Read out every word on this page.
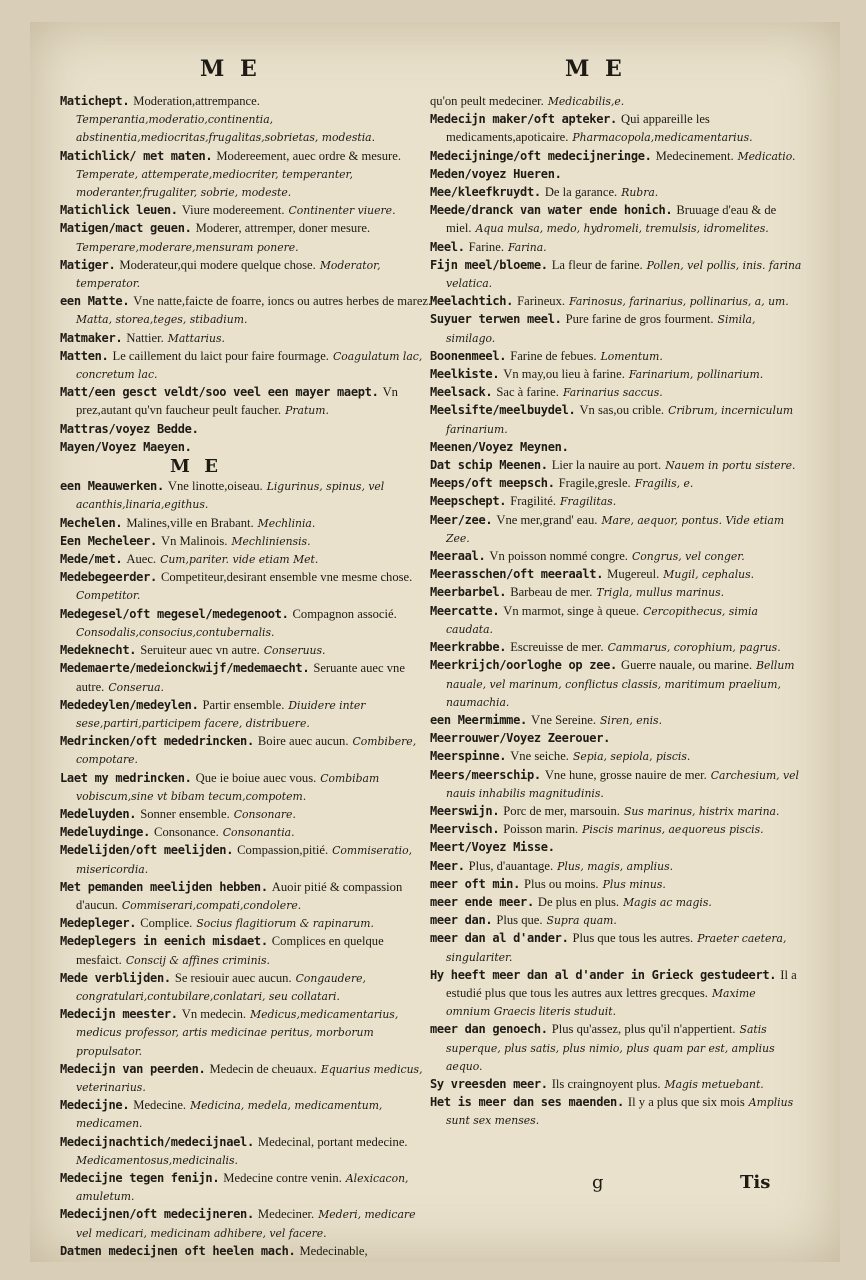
M E	M E

Matichept. Moderation,attrempance. Temperantia,moderatio,continentia, abstinentia,mediocritas,frugalitas,sobrietas, modestia.

Matichlick/ met maten. Modereement, auec ordre & mesure. Temperate, attemperate,mediocriter, temperanter, moderanter,frugaliter, sobrie, modeste.

Matichlick leuen. Viure modereement. Continenter viuere.

Matigen/mact geuen. Moderer, attremper, doner mesure. Temperare,moderare,mensuram ponere.

Matiger. Moderateur,qui modere quelque chose. Moderator, temperator.

een Matte. Vne natte,faicte de foarre, ioncs ou autres herbes de marez. Matta, storea,teges, stibadium.

Matmaker. Nattier. Mattarius.

Matten. Le caillement du laict pour faire fourmage. Coagulatum lac, concretum lac.

Matt/een gesct veldt/soo veel een mayer maept. Vn prez,autant qu'vn faucheur peult faucher. Pratum.

Mattras/voyez Bedde.

Mayen/Voyez Maeyen.

M E

een Meauwerken. Vne linotte,oiseau. Ligurinus, spinus, vel acanthis,linaria,egithus.

Mechelen. Malines,ville en Brabant. Mechlinia.

Een Mecheleer. Vn Malinois. Mechliniensis.

Mede/met. Auec. Cum,pariter. vide etiam Met.

Medebegeerder. Competiteur,desirant ensemble vne mesme chose. Competitor.

Medegesel/oft megesel/medegenoot. Compagnon associé. Consodalis,consocius,contubernalis.

Medeknecht. Seruiteur auec vn autre. Conseruus.

Medemaerte/medeionckwijf/medemaecht. Seruante auec vne autre. Conserua.

Mededeylen/medeylen. Partir ensemble. Diuidere inter sese,partiri,participem facere, distribuere.

Medrincken/oft mededrincken. Boire auec aucun. Combibere, compotare.

Laet my medrincken. Que ie boiue auec vous. Combibam vobiscum,sine vt bibam tecum,compotem.

Medeluyden. Sonner ensemble. Consonare.

Medeluydinge. Consonance. Consonantia.

Medelijden/oft meelijden. Compassion,pitié. Commiseratio, misericordia.

Met pemanden meelijden hebben. Auoir pitié & compassion d'aucun. Commiserari,compati,condolere.

Medepleger. Complice. Socius flagitiorum & rapinarum.

Medeplegers in eenich misdaet. Complices en quelque mesfaict. Conscij & affines criminis.

Mede verblijden. Se resiouir auec aucun. Congaudere, congratulari,contubilare,conlatari, seu collatari.

Medecijn meester. Vn medecin. Medicus,medicamentarius, medicus professor, artis medicinae peritus, morborum propulsator.

Medecijn van peerden. Medecin de cheuaux. Equarius medicus, veterinarius.

Medecijne. Medecine. Medicina, medela, medicamentum, medicamen.

Medecijnachtich/medecijnael. Medecinal, portant medecine. Medicamentosus,medicinalis.

Medecijne tegen fenijn. Medecine contre venin. Alexicacon, amuletum.

Medecijnen/oft medecijneren. Medeciner. Mederi, medicare vel medicari, medicinam adhibere, vel facere.

Datmen medecijnen oft heelen mach. Medecinable,

qu'on peult medeciner. Medicabilis,e.

Medecijn maker/oft apteker. Qui appareille les medicaments,apoticaire. Pharmacopola,medicamentarius.

Medecijninge/oft medecijneringe. Medecinement. Medicatio.

Meden/voyez Hueren.

Mee/kleefkruydt. De la garance. Rubra.

Meede/dranck van water ende honich. Bruuage d'eau & de miel. Aqua mulsa, medo, hydromeli, tremulsis, idromelites.

Meel. Farine. Farina.

Fijn meel/bloeme. La fleur de farine. Pollen, vel pollis, inis. farina velatica.

Meelachtich. Farineux. Farinosus, farinarius, pollinarius, a, um.

Suyuer terwen meel. Pure farine de gros fourment. Simila, similago.

Boonenmeel. Farine de febues. Lomentum.

Meelkiste. Vn may,ou lieu à farine. Farinarium, pollinarium.

Meelsack. Sac à farine. Farinarius saccus.

Meelsifte/meelbuydel. Vn sas,ou crible. Cribrum, incerniculum farinarium.

Meenen/Voyez Meynen.

Dat schip Meenen. Lier la nauire au port. Nauem in portu sistere.

Meeps/oft meepsch. Fragile,gresle. Fragilis, e.

Meepschept. Fragilité. Fragilitas.

Meer/zee. Vne mer,grand' eau. Mare, aequor, pontus. Vide etiam Zee.

Meeraal. Vn poisson nommé congre. Congrus, vel conger.

Meerasschen/oft meeraalt. Mugereul. Mugil, cephalus.

Meerbarbel. Barbeau de mer. Trigla, mullus marinus.

Meercatte. Vn marmot, singe à queue. Cercopithecus, simia caudata.

Meerkrabbe. Escreuisse de mer. Cammarus, corophium, pagrus.

Meerkrijch/oorloghe op zee. Guerre nauale, ou marine. Bellum nauale, vel marinum, conflictus classis, maritimum praelium, naumachia.

een Meermimme. Vne Sereine. Siren, enis.

Meerrouwer/Voyez Zeerouer.

Meerspinne. Vne seiche. Sepia, sepiola, piscis.

Meers/meerschip. Vne hune, grosse nauire de mer. Carchesium, vel nauis inhabilis magnitudinis.

Meerswijn. Porc de mer, marsouin. Sus marinus, histrix marina.

Meervisch. Poisson marin. Piscis marinus, aequoreus piscis.

Meert/Voyez Misse.

Meer. Plus, d'auantage. Plus, magis, amplius.

meer oft min. Plus ou moins. Plus minus.

meer ende meer. De plus en plus. Magis ac magis.

meer dan. Plus que. Supra quam.

meer dan al d'ander. Plus que tous les autres. Praeter caetera, singulariter.

Hy heeft meer dan al d'ander in Grieck gestudeert. Il a estudié plus que tous les autres aux lettres grecques. Maxime omnium Graecis literis studuit.

meer dan genoech. Plus qu'assez, plus qu'il n'appertient. Satis superque, plus satis, plus nimio, plus quam par est, amplius aequo.

Sy vreesden meer. Ils craingnoyent plus. Magis metuebant.

Het is meer dan ses maenden. Il y a plus que six mois Amplius sunt sex menses.

g	Tis
